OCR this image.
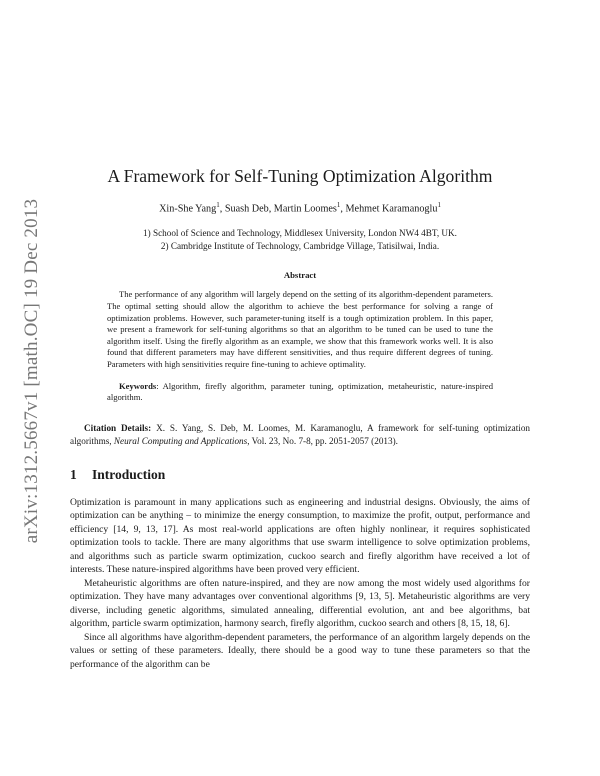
arXiv:1312.5667v1 [math.OC] 19 Dec 2013
A Framework for Self-Tuning Optimization Algorithm
Xin-She Yang$^1$, Suash Deb, Martin Loomes$^1$, Mehmet Karamanoglu$^1$
1) School of Science and Technology, Middlesex University, London NW4 4BT, UK.
2) Cambridge Institute of Technology, Cambridge Village, Tatisilwai, India.
Abstract

The performance of any algorithm will largely depend on the setting of its algorithm-dependent parameters. The optimal setting should allow the algorithm to achieve the best performance for solving a range of optimization problems. However, such parameter-tuning itself is a tough optimization problem. In this paper, we present a framework for self-tuning algorithms so that an algorithm to be tuned can be used to tune the algorithm itself. Using the firefly algorithm as an example, we show that this framework works well. It is also found that different parameters may have different sensitivities, and thus require different degrees of tuning. Parameters with high sensitivities require fine-tuning to achieve optimality.

Keywords: Algorithm, firefly algorithm, parameter tuning, optimization, metaheuristic, nature-inspired algorithm.

Citation Details: X. S. Yang, S. Deb, M. Loomes, M. Karamanoglu, A framework for self-tuning optimization algorithms, Neural Computing and Applications, Vol. 23, No. 7-8, pp. 2051-2057 (2013).

1 Introduction

Optimization is paramount in many applications such as engineering and industrial designs. Obviously, the aims of optimization can be anything – to minimize the energy consumption, to maximize the profit, output, performance and efficiency [14, 9, 13, 17]. As most real-world applications are often highly nonlinear, it requires sophisticated optimization tools to tackle. There are many algorithms that use swarm intelligence to solve optimization problems, and algorithms such as particle swarm optimization, cuckoo search and firefly algorithm have received a lot of interests. These nature-inspired algorithms have been proved very efficient.

Metaheuristic algorithms are often nature-inspired, and they are now among the most widely used algorithms for optimization. They have many advantages over conventional algorithms [9, 13, 5]. Metaheuristic algorithms are very diverse, including genetic algorithms, simulated annealing, differential evolution, ant and bee algorithms, bat algorithm, particle swarm optimization, harmony search, firefly algorithm, cuckoo search and others [8, 15, 18, 6].

Since all algorithms have algorithm-dependent parameters, the performance of an algorithm largely depends on the values or setting of these parameters. Ideally, there should be a good way to tune these parameters so that the performance of the algorithm can be
